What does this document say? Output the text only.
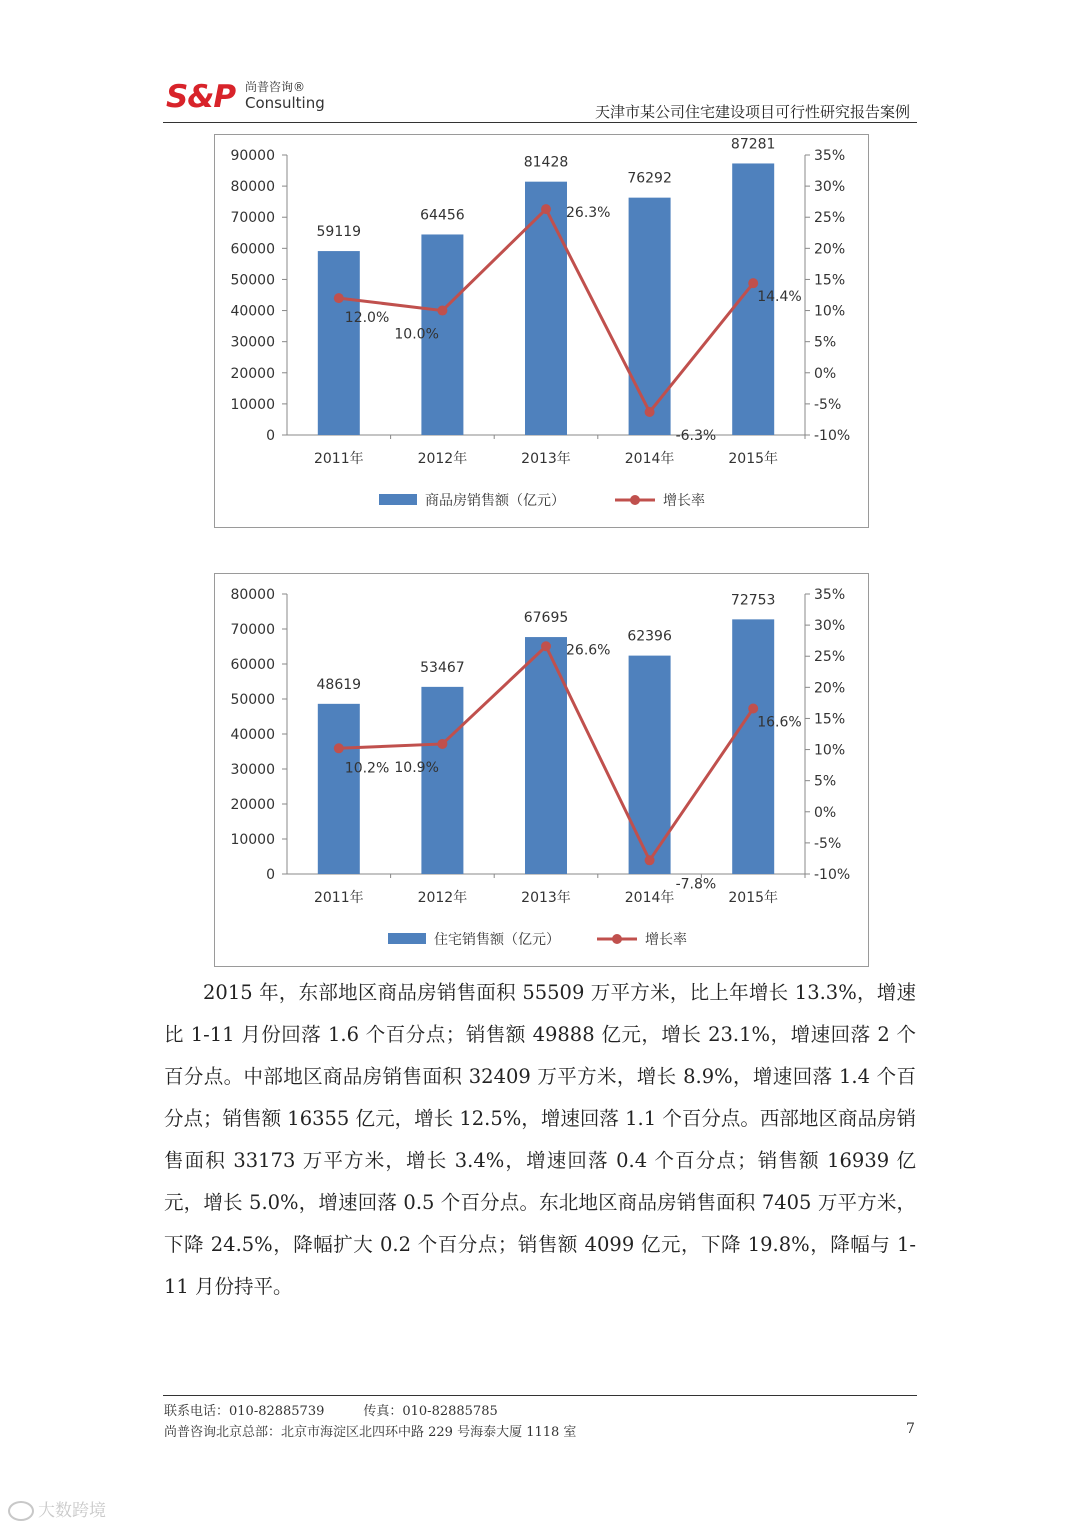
S&P 尚普咨询®
Consulting	天津市某公司住宅建设项目可行性研究报告案例
0
10000
20000
30000
40000
50000
60000
70000
80000
90000
-10%
-5%
0%
5%
10%
15%
20%
25%
30%
35%
59119
2011年
64456
2012年
81428
2013年
76292
2014年
87281
2015年
12.0%
10.0%
26.3%
-6.3%
14.4%
商品房销售额（亿元）	增长率
0
10000
20000
30000
40000
50000
60000
70000
80000
-10%
-5%
0%
5%
10%
15%
20%
25%
30%
35%
48619
2011年
53467
2012年
67695
2013年
62396
2014年
72753
2015年
10.2% 10.9%
26.6%
-7.8%
16.6%
住宅销售额（亿元）	增长率

2015 年，东部地区商品房销售面积 55509 万平方米，比上年增长 13.3%，增速比 1-11 月份回落 1.6 个百分点；销售额 49888 亿元，增长 23.1%，增速回落 2 个百分点。中部地区商品房销售面积 32409 万平方米，增长 8.9%，增速回落 1.4 个百分点；销售额 16355 亿元，增长 12.5%，增速回落 1.1 个百分点。西部地区商品房销售面积 33173 万平方米，增长 3.4%，增速回落 0.4 个百分点；销售额 16939 亿元，增长 5.0%，增速回落 0.5 个百分点。东北地区商品房销售面积 7405 万平方米，下降 24.5%，降幅扩大 0.2 个百分点；销售额 4099 亿元，下降 19.8%，降幅与 1-11 月份持平。

联系电话：010-82885739　　　传真：010-82885785
尚普咨询北京总部：北京市海淀区北四环中路 229 号海泰大厦 1118 室	7
大数跨境
